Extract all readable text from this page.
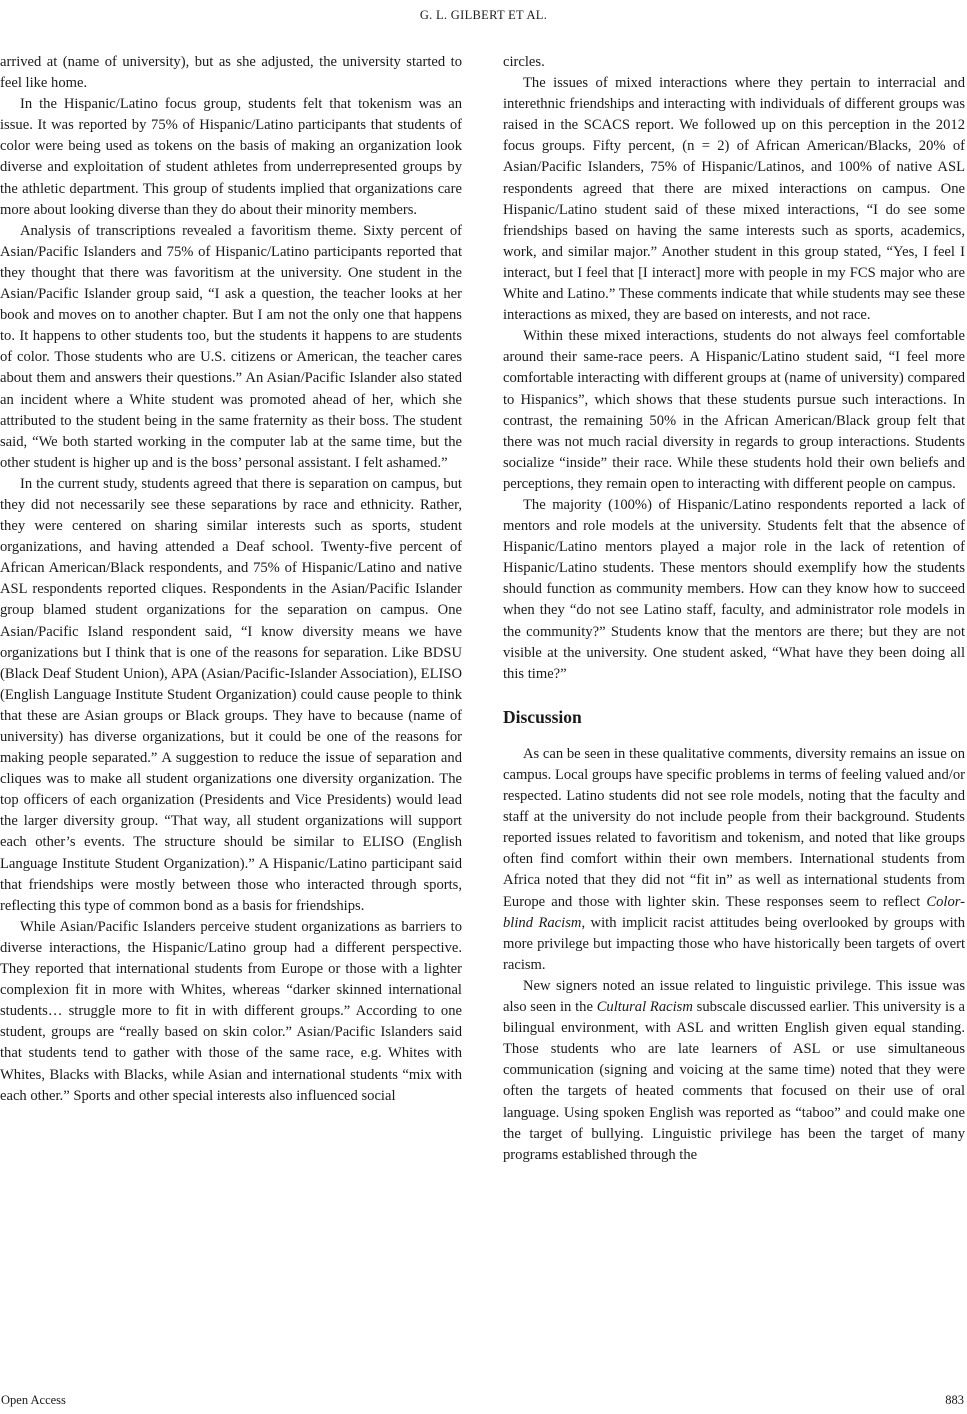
G. L. GILBERT ET AL.

arrived at (name of university), but as she adjusted, the university started to feel like home.

In the Hispanic/Latino focus group, students felt that tokenism was an issue. It was reported by 75% of Hispanic/Latino participants that students of color were being used as tokens on the basis of making an organization look diverse and exploitation of student athletes from underrepresented groups by the athletic department. This group of students implied that organizations care more about looking diverse than they do about their minority members.

Analysis of transcriptions revealed a favoritism theme. Sixty percent of Asian/Pacific Islanders and 75% of Hispanic/Latino participants reported that they thought that there was favoritism at the university. One student in the Asian/Pacific Islander group said, “I ask a question, the teacher looks at her book and moves on to another chapter. But I am not the only one that happens to. It happens to other students too, but the students it happens to are students of color. Those students who are U.S. citizens or American, the teacher cares about them and answers their questions.” An Asian/Pacific Islander also stated an incident where a White student was promoted ahead of her, which she attributed to the student being in the same fraternity as their boss. The student said, “We both started working in the computer lab at the same time, but the other student is higher up and is the boss’ personal assistant. I felt ashamed.”

In the current study, students agreed that there is separation on campus, but they did not necessarily see these separations by race and ethnicity. Rather, they were centered on sharing similar interests such as sports, student organizations, and having attended a Deaf school. Twenty-five percent of African American/Black respondents, and 75% of Hispanic/Latino and native ASL respondents reported cliques. Respondents in the Asian/Pacific Islander group blamed student organizations for the separation on campus. One Asian/Pacific Island respondent said, “I know diversity means we have organizations but I think that is one of the reasons for separation. Like BDSU (Black Deaf Student Union), APA (Asian/Pacific-Islander Association), ELISO (English Language Institute Student Organization) could cause people to think that these are Asian groups or Black groups. They have to because (name of university) has diverse organizations, but it could be one of the reasons for making people separated.” A suggestion to reduce the issue of separation and cliques was to make all student organizations one diversity organization. The top officers of each organization (Presidents and Vice Presidents) would lead the larger diversity group. “That way, all student organizations will support each other’s events. The structure should be similar to ELISO (English Language Institute Student Organization).” A Hispanic/Latino participant said that friendships were mostly between those who interacted through sports, reflecting this type of common bond as a basis for friendships.

While Asian/Pacific Islanders perceive student organizations as barriers to diverse interactions, the Hispanic/Latino group had a different perspective. They reported that international students from Europe or those with a lighter complexion fit in more with Whites, whereas “darker skinned international students… struggle more to fit in with different groups.” According to one student, groups are “really based on skin color.” Asian/Pacific Islanders said that students tend to gather with those of the same race, e.g. Whites with Whites, Blacks with Blacks, while Asian and international students “mix with each other.” Sports and other special interests also influenced social

circles.

The issues of mixed interactions where they pertain to interracial and interethnic friendships and interacting with individuals of different groups was raised in the SCACS report. We followed up on this perception in the 2012 focus groups. Fifty percent, (n = 2) of African American/Blacks, 20% of Asian/Pacific Islanders, 75% of Hispanic/Latinos, and 100% of native ASL respondents agreed that there are mixed interactions on campus. One Hispanic/Latino student said of these mixed interactions, “I do see some friendships based on having the same interests such as sports, academics, work, and similar major.” Another student in this group stated, “Yes, I feel I interact, but I feel that [I interact] more with people in my FCS major who are White and Latino.” These comments indicate that while students may see these interactions as mixed, they are based on interests, and not race.

Within these mixed interactions, students do not always feel comfortable around their same-race peers. A Hispanic/Latino student said, “I feel more comfortable interacting with different groups at (name of university) compared to Hispanics”, which shows that these students pursue such interactions. In contrast, the remaining 50% in the African American/Black group felt that there was not much racial diversity in regards to group interactions. Students socialize “inside” their race. While these students hold their own beliefs and perceptions, they remain open to interacting with different people on campus.

The majority (100%) of Hispanic/Latino respondents reported a lack of mentors and role models at the university. Students felt that the absence of Hispanic/Latino mentors played a major role in the lack of retention of Hispanic/Latino students. These mentors should exemplify how the students should function as community members. How can they know how to succeed when they “do not see Latino staff, faculty, and administrator role models in the community?” Students know that the mentors are there; but they are not visible at the university. One student asked, “What have they been doing all this time?”

Discussion

As can be seen in these qualitative comments, diversity remains an issue on campus. Local groups have specific problems in terms of feeling valued and/or respected. Latino students did not see role models, noting that the faculty and staff at the university do not include people from their background. Students reported issues related to favoritism and tokenism, and noted that like groups often find comfort within their own members. International students from Africa noted that they did not “fit in” as well as international students from Europe and those with lighter skin. These responses seem to reflect Color-blind Racism, with implicit racist attitudes being overlooked by groups with more privilege but impacting those who have historically been targets of overt racism.

New signers noted an issue related to linguistic privilege. This issue was also seen in the Cultural Racism subscale discussed earlier. This university is a bilingual environment, with ASL and written English given equal standing. Those students who are late learners of ASL or use simultaneous communication (signing and voicing at the same time) noted that they were often the targets of heated comments that focused on their use of oral language. Using spoken English was reported as “taboo” and could make one the target of bullying. Linguistic privilege has been the target of many programs established through the

Open Access	883
